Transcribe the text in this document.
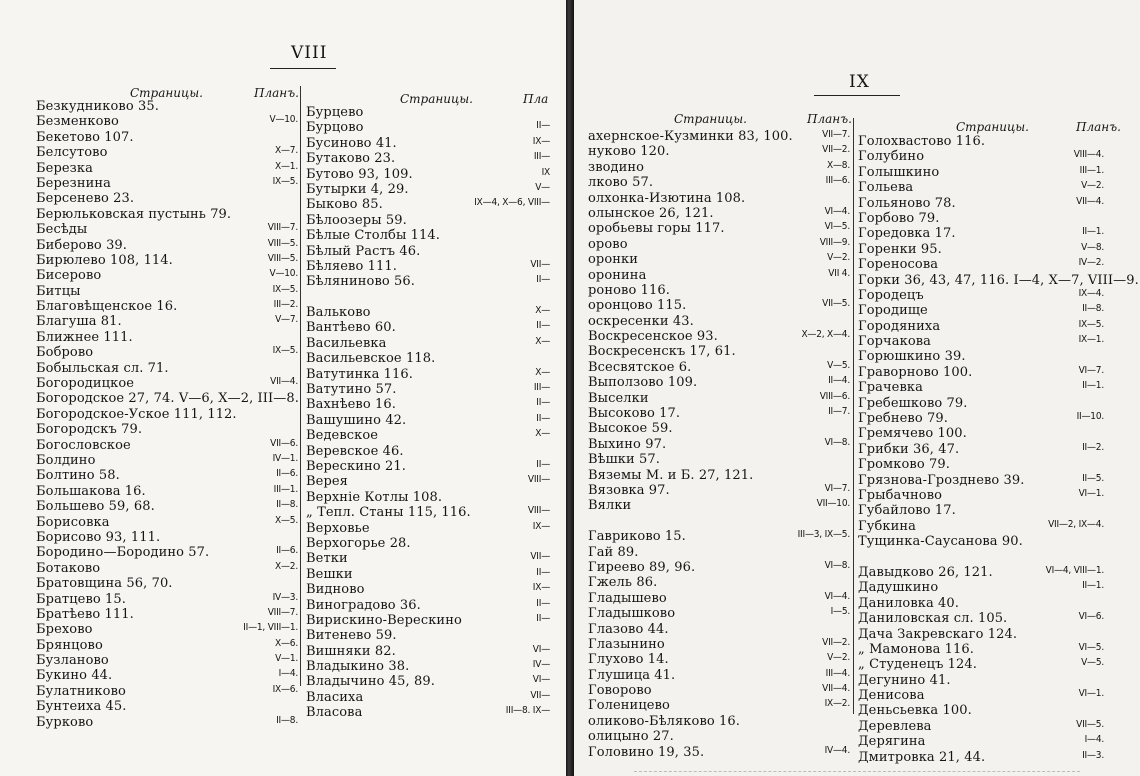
VIII
Страницы.	Планъ.	Страницы.	Пла
Безкудниково 35.
Безменково	V—10.
Бекетово 107.
Белсутово	X—7.
Березка	X—1.
Березнина	IX—5.
Берсенево 23.
Берюльковская пустынь 79.
Бесѣды	VIII—7.
Биберово 39.	VIII—5.
Бирюлево 108, 114.	VIII—5.
Бисерово	V—10.
Битцы	IX—5.
Благовѣщенское 16.	III—2.
Благуша 81.	V—7.
Ближнее 111.
Боброво	IX—5.
Бобыльская сл. 71.
Богородицкое	VII—4.
Богородское 27, 74. V—6, X—2, III—8.
Богородское-Уское 111, 112.
Богородскъ 79.
Богословское	VII—6.
Болдино	IV—1.
Болтино 58.	II—6.
Большакова 16.	III—1.
Большево 59, 68.	II—8.
Борисовка	X—5.
Борисово 93, 111.
Бородино—Бородино 57.	II—6.
Ботаково	X—2.
Братовщина 56, 70.
Братцево 15.	IV—3.
Братѣево 111.	VIII—7.
Брехово	II—1, VIII—1.
Брянцово	X—6.
Бузланово	V—1.
Букино 44.	I—4.
Булатниково	IX—6.
Бунтеиха 45.
Бурково	II—8.
Бурцево
Бурцово	II—
Бусиново 41.	IX—
Бутаково 23.	III—
Бутово 93, 109.	IX
Бутырки 4, 29.	V—
Быково 85.	IX—4, X—6, VIII—
Бѣлоозеры 59.
Бѣлые Столбы 114.
Бѣлый Растъ 46.
Бѣляево 111.	VII—
Бѣляниново 56.	II—
Вальково	X—
Вантѣево 60.	II—
Васильевка	X—
Васильевское 118.
Ватутинка 116.	X—
Ватутино 57.	III—
Вахнѣево 16.	II—
Вашушино 42.	II—
Ведевское	X—
Веревское 46.
Верескино 21.	II—
Верея	VIII—
Верхніе Котлы 108.
„ Тепл. Станы 115, 116.	VIII—
Верховье	IX—
Верхогорье 28.
Ветки	VII—
Вешки	II—
Видново	IX—
Виноградово 36.	II—
Вирискино-Верескино	II—
Витенево 59.
Вишняки 82.	VI—
Владыкино 38.	IV—
Владычино 45, 89.	VI—
Власиха	VII—
Власова	III—8. IX—
IX
Страницы.	Планъ.
Страницы.	Планъ.
ахернское-Кузминки 83, 100.	VII—7.
нуково 120.	VII—2.
зводино	X—8.
лково 57.	III—6.
олхонка-Изютина 108.
олынское 26, 121.	VI—4.
оробьевы горы 117.	VI—5.
орово	VIII—9.
оронки	V—2.
оронина	VII 4.
роново 116.
оронцово 115.	VII—5.
оскресенки 43.
Воскресенское 93.	X—2, X—4.
Воскресенскъ 17, 61.
Всесвятское 6.	V—5.
Выползово 109.	II—4.
Выселки	VIII—6.
Высоково 17.	II—7.
Высокое 59.
Выхино 97.	VI—8.
Вѣшки 57.
Вяземы М. и Б. 27, 121.
Вязовка 97.	VI—7.
Вялки	VII—10.
Гавриково 15.	III—3, IX—5.
Гай 89.
Гиреево 89, 96.	VI—8.
Гжель 86.
Гладышево	VI—4.
Гладышково	I—5.
Глазово 44.
Глазынино	VII—2.
Глухово 14.	V—2.
Глушица 41.	III—4.
Говорово	VII—4.
Голеницево	IX—2.
оликово-Бѣляково 16.
олицыно 27.
Головино 19, 35.	IV—4.
Голохвастово 116.
Голубино	VIII—4.
Голышкино	III—1.
Гольева	V—2.
Гольяново 78.	VII—4.
Горбово 79.
Горедовка 17.	II—1.
Горенки 95.	V—8.
Гореносова	IV—2.
Горки 36, 43, 47, 116. I—4, X—7, VIII—9.
Городецъ	IX—4.
Городище	II—8.
Городяниха	IX—5.
Горчакова	IX—1.
Горюшкино 39.
Граворново 100.	VI—7.
Грачевка	II—1.
Гребешково 79.
Гребнево 79.	II—10.
Гремячево 100.
Грибки 36, 47.	II—2.
Громково 79.
Грязнова-Грозднево 39.	II—5.
Грыбачново	VI—1.
Губайлово 17.
Губкина	VII—2, IX—4.
Тущинка-Саусанова 90.
Давыдково 26, 121.	VI—4, VIII—1.
Дадушкино	II—1.
Даниловка 40.
Даниловская сл. 105.	VI—6.
Дача Закревскаго 124.
„ Мамонова 116.	VI—5.
„ Студенецъ 124.	V—5.
Дегунино 41.
Денисова	VI—1.
Деньсьевка 100.
Деревлева	VII—5.
Дерягина	I—4.
Дмитровка 21, 44.	II—3.
